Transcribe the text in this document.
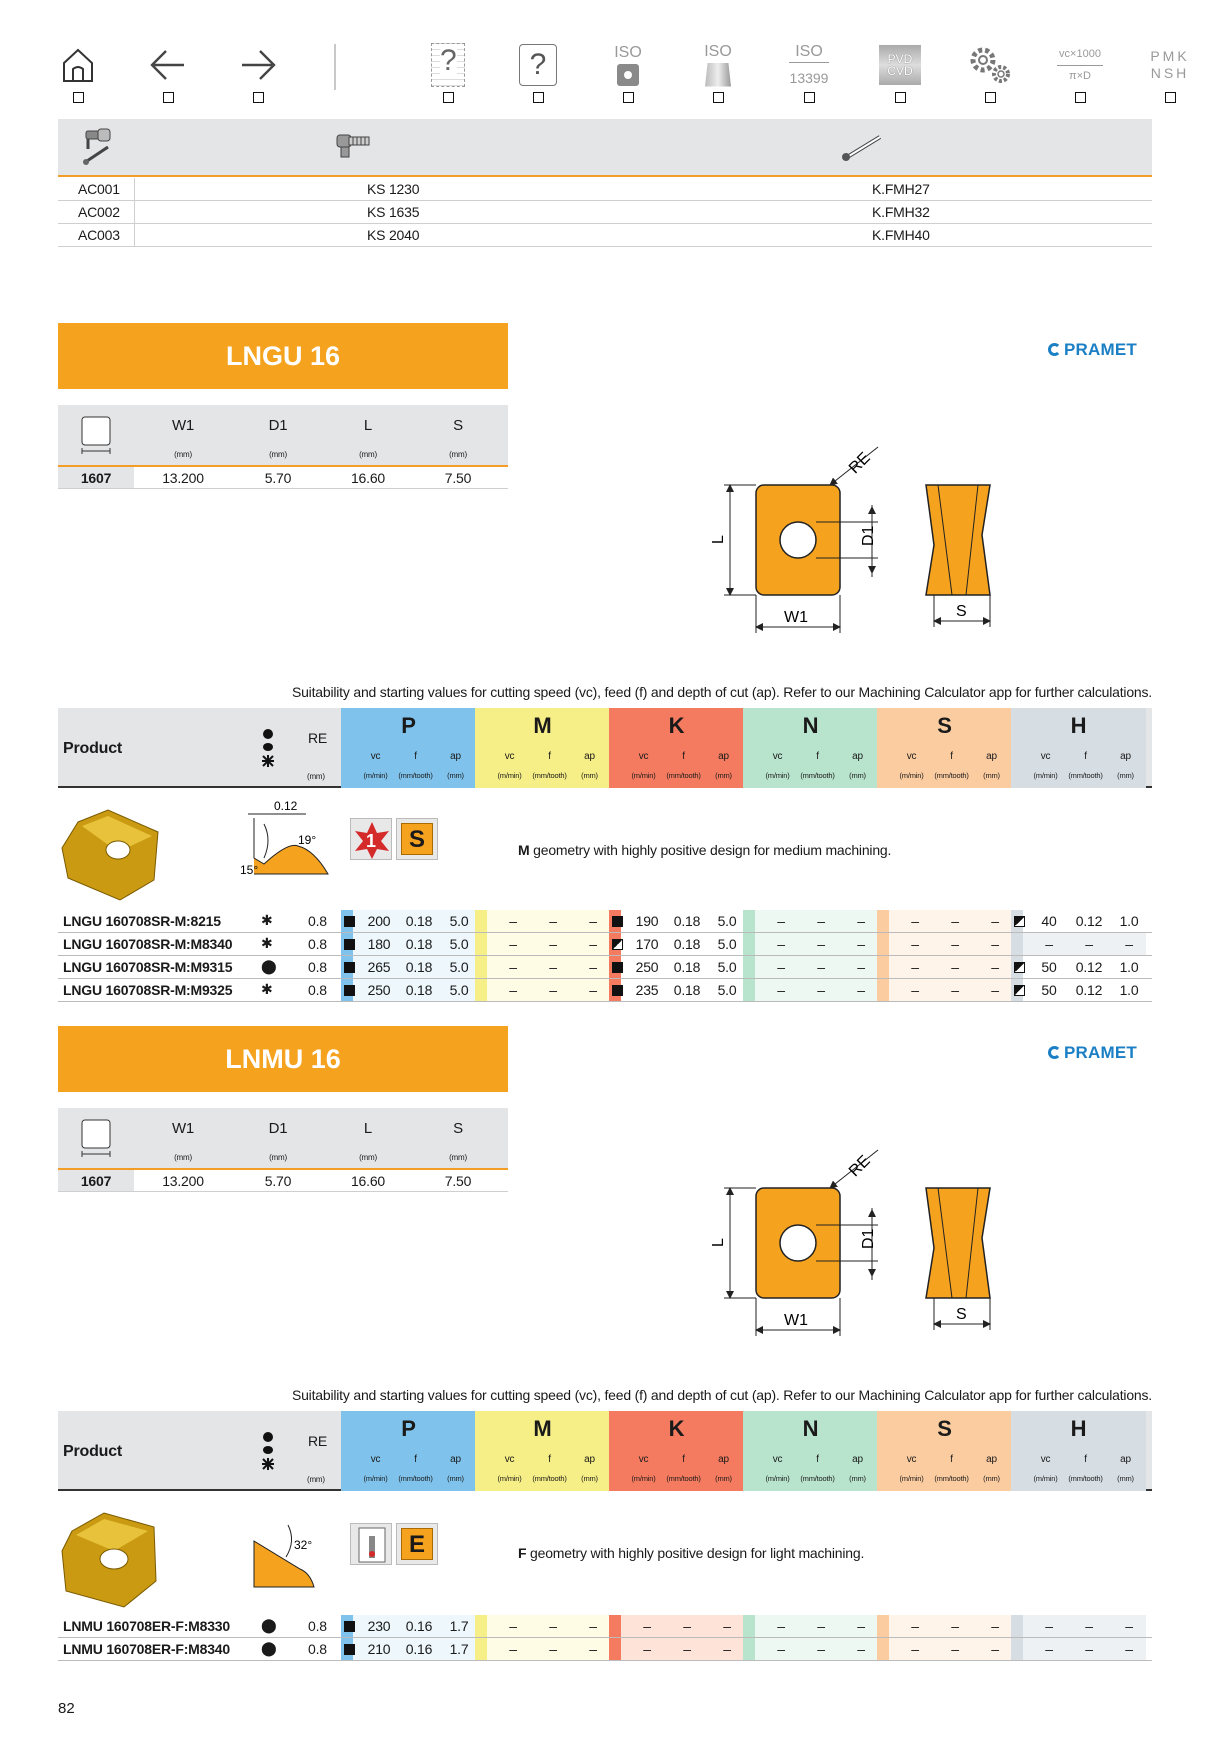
?	?	ISO	ISO	ISO
13399
PVD
CVD
vc×1000
π×D
PMK
NSH
AC001	KS 1230	K.FMH27
AC002	KS 1635	K.FMH32
AC003	KS 2040	K.FMH40
LNGU 16	PRAMET
W1
(mm)
D1
(mm)
L
(mm)
S
(mm)
1607	13.200	5.70	16.60	7.50
L
W1
D1
RE
S
Suitability and starting values for cutting speed (vc), feed (f) and depth of cut (ap). Refer to our Machining Calculator app for further calculations.
Product
RE
(mm)
P
vc
(m/min)
f
(mm/tooth)
ap
(mm)
M
vc
(m/min)
f
(mm/tooth)
ap
(mm)
K
vc
(m/min)
f
(mm/tooth)
ap
(mm)
N
vc
(m/min)
f
(mm/tooth)
ap
(mm)
S
vc
(m/min)
f
(mm/tooth)
ap
(mm)
H
vc
(m/min)
f
(mm/tooth)
ap
(mm)
0.12
19°
15°
1	S	M geometry with highly positive design for medium machining.
LNGU 160708SR-M:8215	✱	0.8	200	0.18	5.0	–	–	–	190	0.18	5.0	–	–	–	–	–	–	40	0.12	1.0
LNGU 160708SR-M:M8340 ✱	0.8	180	0.18	5.0	–	–	–	170	0.18	5.0	–	–	–	–	–	–	–	–	–
LNGU 160708SR-M:M9315 ⬤ 0.8	265	0.18	5.0	–	–	–	250	0.18	5.0	–	–	–	–	–	–	50	0.12	1.0
LNGU 160708SR-M:M9325 ✱	0.8	250	0.18	5.0	–	–	–	235	0.18	5.0	–	–	–	–	–	–	50	0.12	1.0
LNMU 16	PRAMET
W1
(mm)
D1
(mm)
L
(mm)
S
(mm)
1607	13.200	5.70	16.60	7.50
L
W1
D1
RE
S
Suitability and starting values for cutting speed (vc), feed (f) and depth of cut (ap). Refer to our Machining Calculator app for further calculations.
Product
RE
(mm)
P
vc
(m/min)
f
(mm/tooth)
ap
(mm)
M
vc
(m/min)
f
(mm/tooth)
ap
(mm)
K
vc
(m/min)
f
(mm/tooth)
ap
(mm)
N
vc
(m/min)
f
(mm/tooth)
ap
(mm)
S
vc
(m/min)
f
(mm/tooth)
ap
(mm)
H
vc
(m/min)
f
(mm/tooth)
ap
(mm)
32°	E	F geometry with highly positive design for light machining.
LNMU 160708ER-F:M8330 ⬤ 0.8	230	0.16	1.7	–	–	–	–	–	–	–	–	–	–	–	–	–	–	–
LNMU 160708ER-F:M8340 ⬤ 0.8	210	0.16	1.7	–	–	–	–	–	–	–	–	–	–	–	–	–	–	–
82
